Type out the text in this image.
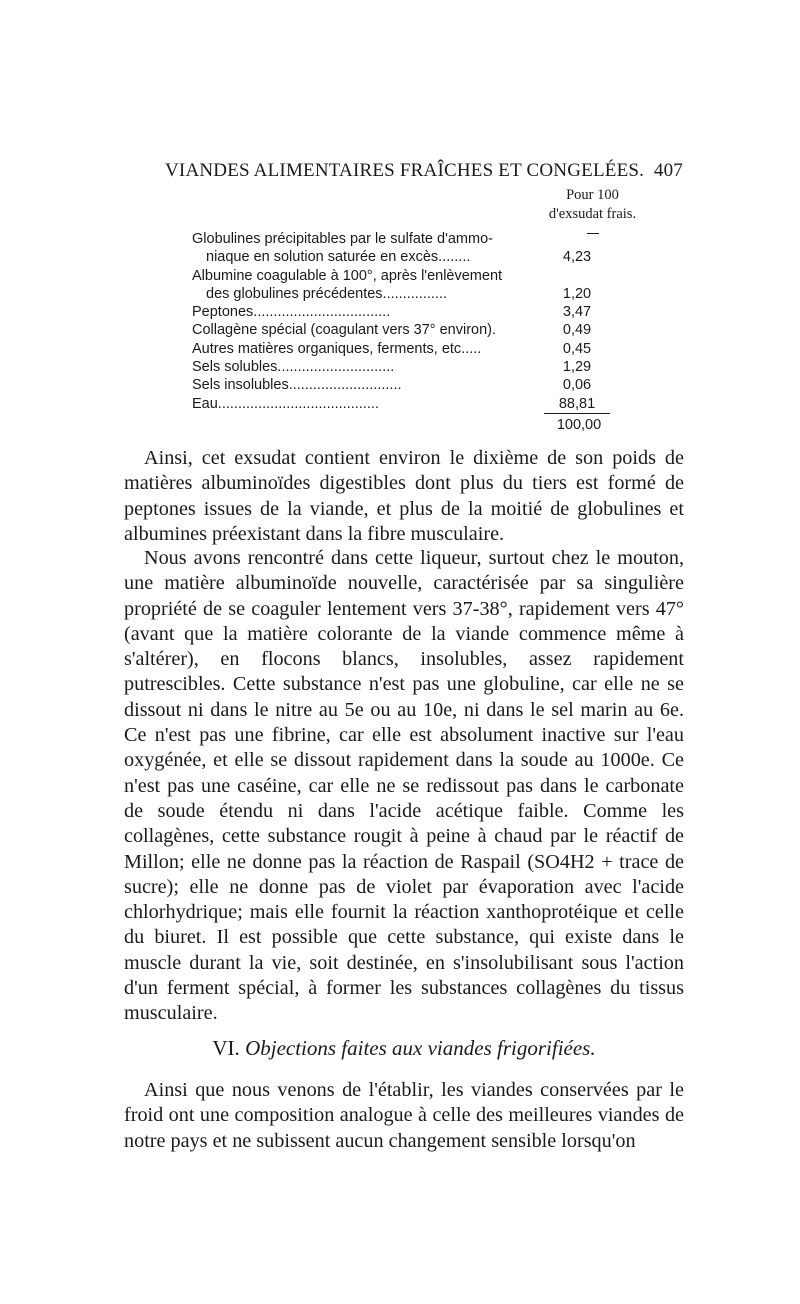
VIANDES ALIMENTAIRES FRAÎCHES ET CONGELÉES. 407
Pour 100
d'exsudat frais.
Globulines précipitables par le sulfate d'ammo-	
niaque en solution saturée en excès........	4,23
Albumine coagulable à 100°, après l'enlèvement	
des globulines précédentes................	1,20
Peptones..................................	3,47
Collagène spécial (coagulant vers 37° environ).	0,49
Autres matières organiques, ferments, etc.....	0,45
Sels solubles.............................	1,29
Sels insolubles............................	0,06
Eau........................................	88,81
100,00

Ainsi, cet exsudat contient environ le dixième de son poids de matières albuminoïdes digestibles dont plus du tiers est formé de peptones issues de la viande, et plus de la moitié de globulines et albumines préexistant dans la fibre musculaire.

Nous avons rencontré dans cette liqueur, surtout chez le mouton, une matière albuminoïde nouvelle, caractérisée par sa singulière propriété de se coaguler lentement vers 37-38°, rapidement vers 47° (avant que la matière colorante de la viande commence même à s'altérer), en flocons blancs, insolubles, assez rapidement putrescibles. Cette substance n'est pas une globuline, car elle ne se dissout ni dans le nitre au 5e ou au 10e, ni dans le sel marin au 6e. Ce n'est pas une fibrine, car elle est absolument inactive sur l'eau oxygénée, et elle se dissout rapidement dans la soude au 1000e. Ce n'est pas une caséine, car elle ne se redissout pas dans le carbonate de soude étendu ni dans l'acide acétique faible. Comme les collagènes, cette substance rougit à peine à chaud par le réactif de Millon; elle ne donne pas la réaction de Raspail (SO4H2 + trace de sucre); elle ne donne pas de violet par évaporation avec l'acide chlorhydrique; mais elle fournit la réaction xanthoprotéique et celle du biuret. Il est possible que cette substance, qui existe dans le muscle durant la vie, soit destinée, en s'insolubilisant sous l'action d'un ferment spécial, à former les substances collagènes du tissus musculaire.

VI. Objections faites aux viandes frigorifiées.

Ainsi que nous venons de l'établir, les viandes conservées par le froid ont une composition analogue à celle des meilleures viandes de notre pays et ne subissent aucun changement sensible lorsqu'on
